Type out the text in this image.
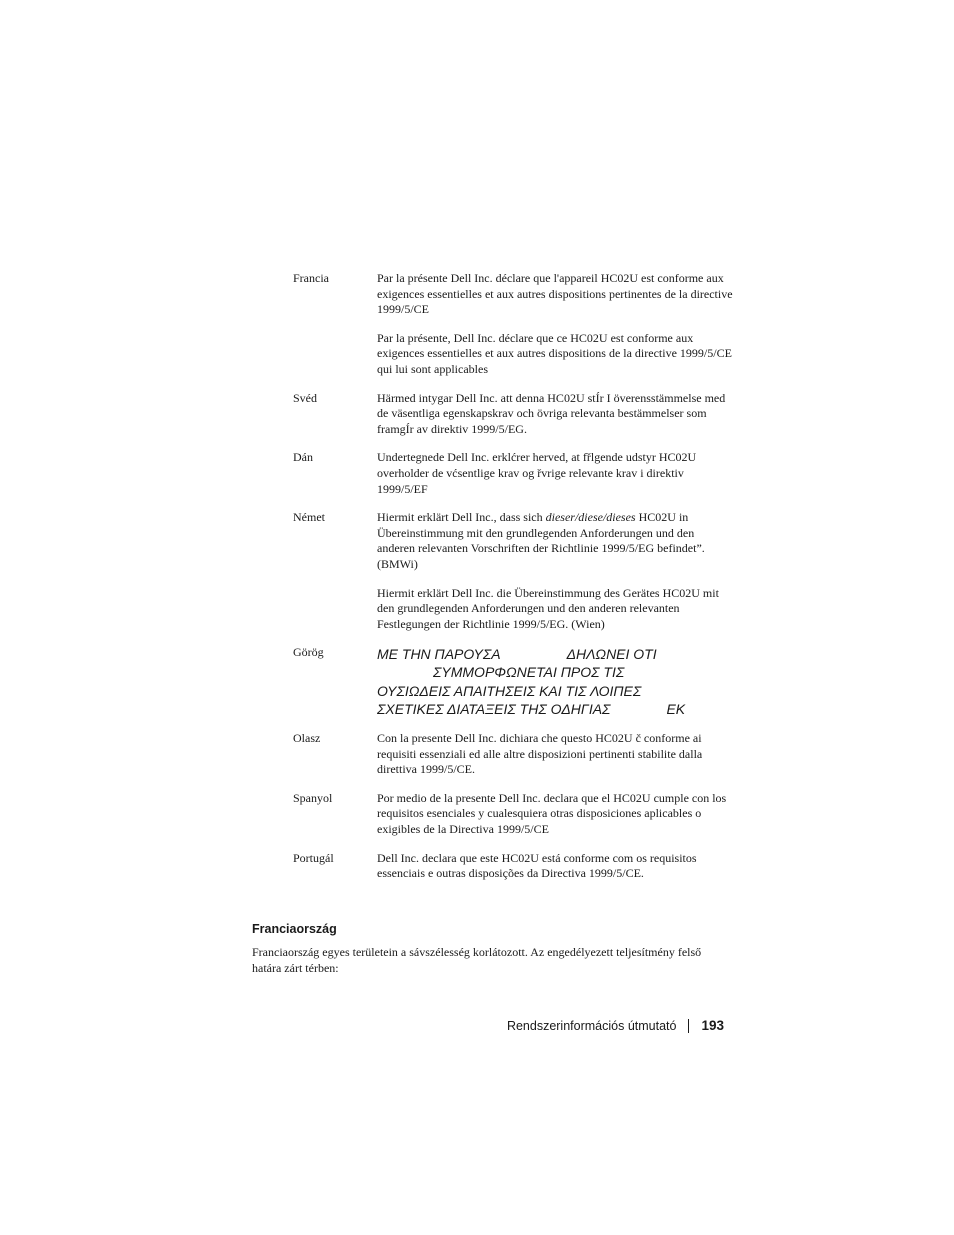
Francia	Par la présente Dell Inc. déclare que l'appareil HC02U est conforme aux exigences essentielles et aux autres dispositions pertinentes de la directive 1999/5/CE

Par la présente, Dell Inc. déclare que ce HC02U est conforme aux exigences essentielles et aux autres dispositions de la directive 1999/5/CE qui lui sont applicables

Svéd	Härmed intygar Dell Inc. att denna HC02U stÍr I överensstämmelse med de väsentliga egenskapskrav och övriga relevanta bestämmelser som framgÍr av direktiv 1999/5/EG.

Dán	Undertegnede Dell Inc. erklćrer herved, at fřlgende udstyr HC02U overholder de vćsentlige krav og řvrige relevante krav i direktiv 1999/5/EF

Német	Hiermit erklärt Dell Inc., dass sich dieser/diese/dieses HC02U in Übereinstimmung mit den grundlegenden Anforderungen und den anderen relevanten Vorschriften der Richtlinie 1999/5/EG befindet”. (BMWi)

Hiermit erklärt Dell Inc. die Übereinstimmung des Gerätes HC02U mit den grundlegenden Anforderungen und den anderen relevanten Festlegungen der Richtlinie 1999/5/EG. (Wien)

Görög	ΜΕ ΤΗΝ ΠΑΡΟΥΣΑ	ΔΗΛΩΝΕΙ ΟΤΙ
ΣΥΜΜΟΡΦΩΝΕΤΑΙ ΠΡΟΣ ΤΙΣ
ΟΥΣΙΩΔΕΙΣ ΑΠΑΙΤΗΣΕΙΣ ΚΑΙ ΤΙΣ ΛΟΙΠΕΣ
ΣΧΕΤΙΚΕΣ ΔΙΑΤΑΞΕΙΣ ΤΗΣ ΟΔΗΓΙΑΣ	ΕΚ
Olasz	Con la presente Dell Inc. dichiara che questo HC02U č conforme ai requisiti essenziali ed alle altre disposizioni pertinenti stabilite dalla direttiva 1999/5/CE.

Spanyol	Por medio de la presente Dell Inc. declara que el HC02U cumple con los requisitos esenciales y cualesquiera otras disposiciones aplicables o exigibles de la Directiva 1999/5/CE

Portugál	Dell Inc. declara que este HC02U está conforme com os requisitos essenciais e outras disposições da Directiva 1999/5/CE.

Franciaország

Franciaország egyes területein a sávszélesség korlátozott. Az engedélyezett teljesítmény felső határa zárt térben:

Rendszerinformációs útmutató 193
